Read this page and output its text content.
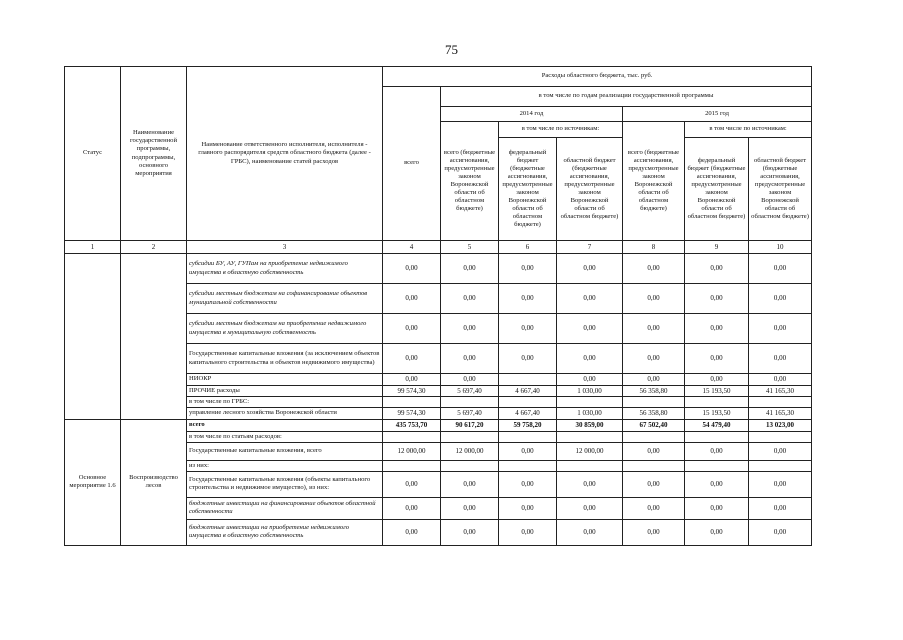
75
Статус	Наименование государственной программы, подпрограммы, основного мероприятия	Наименование ответственного исполнителя, исполнителя - главного распорядителя средств областного бюджета (далее - ГРБС), наименование статей расходов	Расходы областного бюджета, тыс. руб.						
			всего	в том числе по годам реализации государственной программы					
				2014 год			2015 год		
				всего (бюджетные ассигнования, предусмотренные законом Воронежской области об областном бюджете)	в том числе по источникам:		всего (бюджетные ассигнования, предусмотренные законом Воронежской области об областном бюджете)	в том числе по источникам:	
					федеральный бюджет (бюджетные ассигнования, предусмотренные законом Воронежской области об областном бюджете)	областной бюджет (бюджетные ассигнования, предусмотренные законом Воронежской области об областном бюджете)		федеральный бюджет (бюджетные ассигнования, предусмотренные законом Воронежской области об областном бюджете)	областной бюджет (бюджетные ассигнования, предусмотренные законом Воронежской области об областном бюджете)
1	2	3	4	5	6	7	8	9	10
		субсидии БУ, АУ, ГУПам на приобретение недвижимого имущества в областную собственность	0,00	0,00	0,00	0,00	0,00	0,00	0,00
		субсидии местным бюджетам на софинансирование объектов муниципальной собственности	0,00	0,00	0,00	0,00	0,00	0,00	0,00
		субсидии местным бюджетам на приобретение недвижимого имущества в муниципальную собственность	0,00	0,00	0,00	0,00	0,00	0,00	0,00
		Государственные капитальные вложения (за исключением объектов капитального строительства и объектов недвижимого имущества)	0,00	0,00	0,00	0,00	0,00	0,00	0,00
		НИОКР	0,00	0,00		0,00	0,00	0,00	0,00
		ПРОЧИЕ расходы	99 574,30	5 697,40	4 667,40	1 030,00	56 358,80	15 193,50	41 165,30
		в том числе по ГРБС:							
		управление лесного хозяйства Воронежской области	99 574,30	5 697,40	4 667,40	1 030,00	56 358,80	15 193,50	41 165,30
Основное мероприятие 1.6	Воспроизводство лесов	всего	435 753,70	90 617,20	59 758,20	30 859,00	67 502,40	54 479,40	13 023,00
		в том числе по статьям расходов:							
		Государственные капитальные вложения, всего	12 000,00	12 000,00	0,00	12 000,00	0,00	0,00	0,00
		из них:							
		Государственные капитальные вложения (объекты капитального строительства и недвижимое имущество), из них:	0,00	0,00	0,00	0,00	0,00	0,00	0,00
		бюджетные инвестиции на финансирование объектов областной собственности	0,00	0,00	0,00	0,00	0,00	0,00	0,00
		бюджетные инвестиции на приобретение недвижимого имущества в областную собственность	0,00	0,00	0,00	0,00	0,00	0,00	0,00
